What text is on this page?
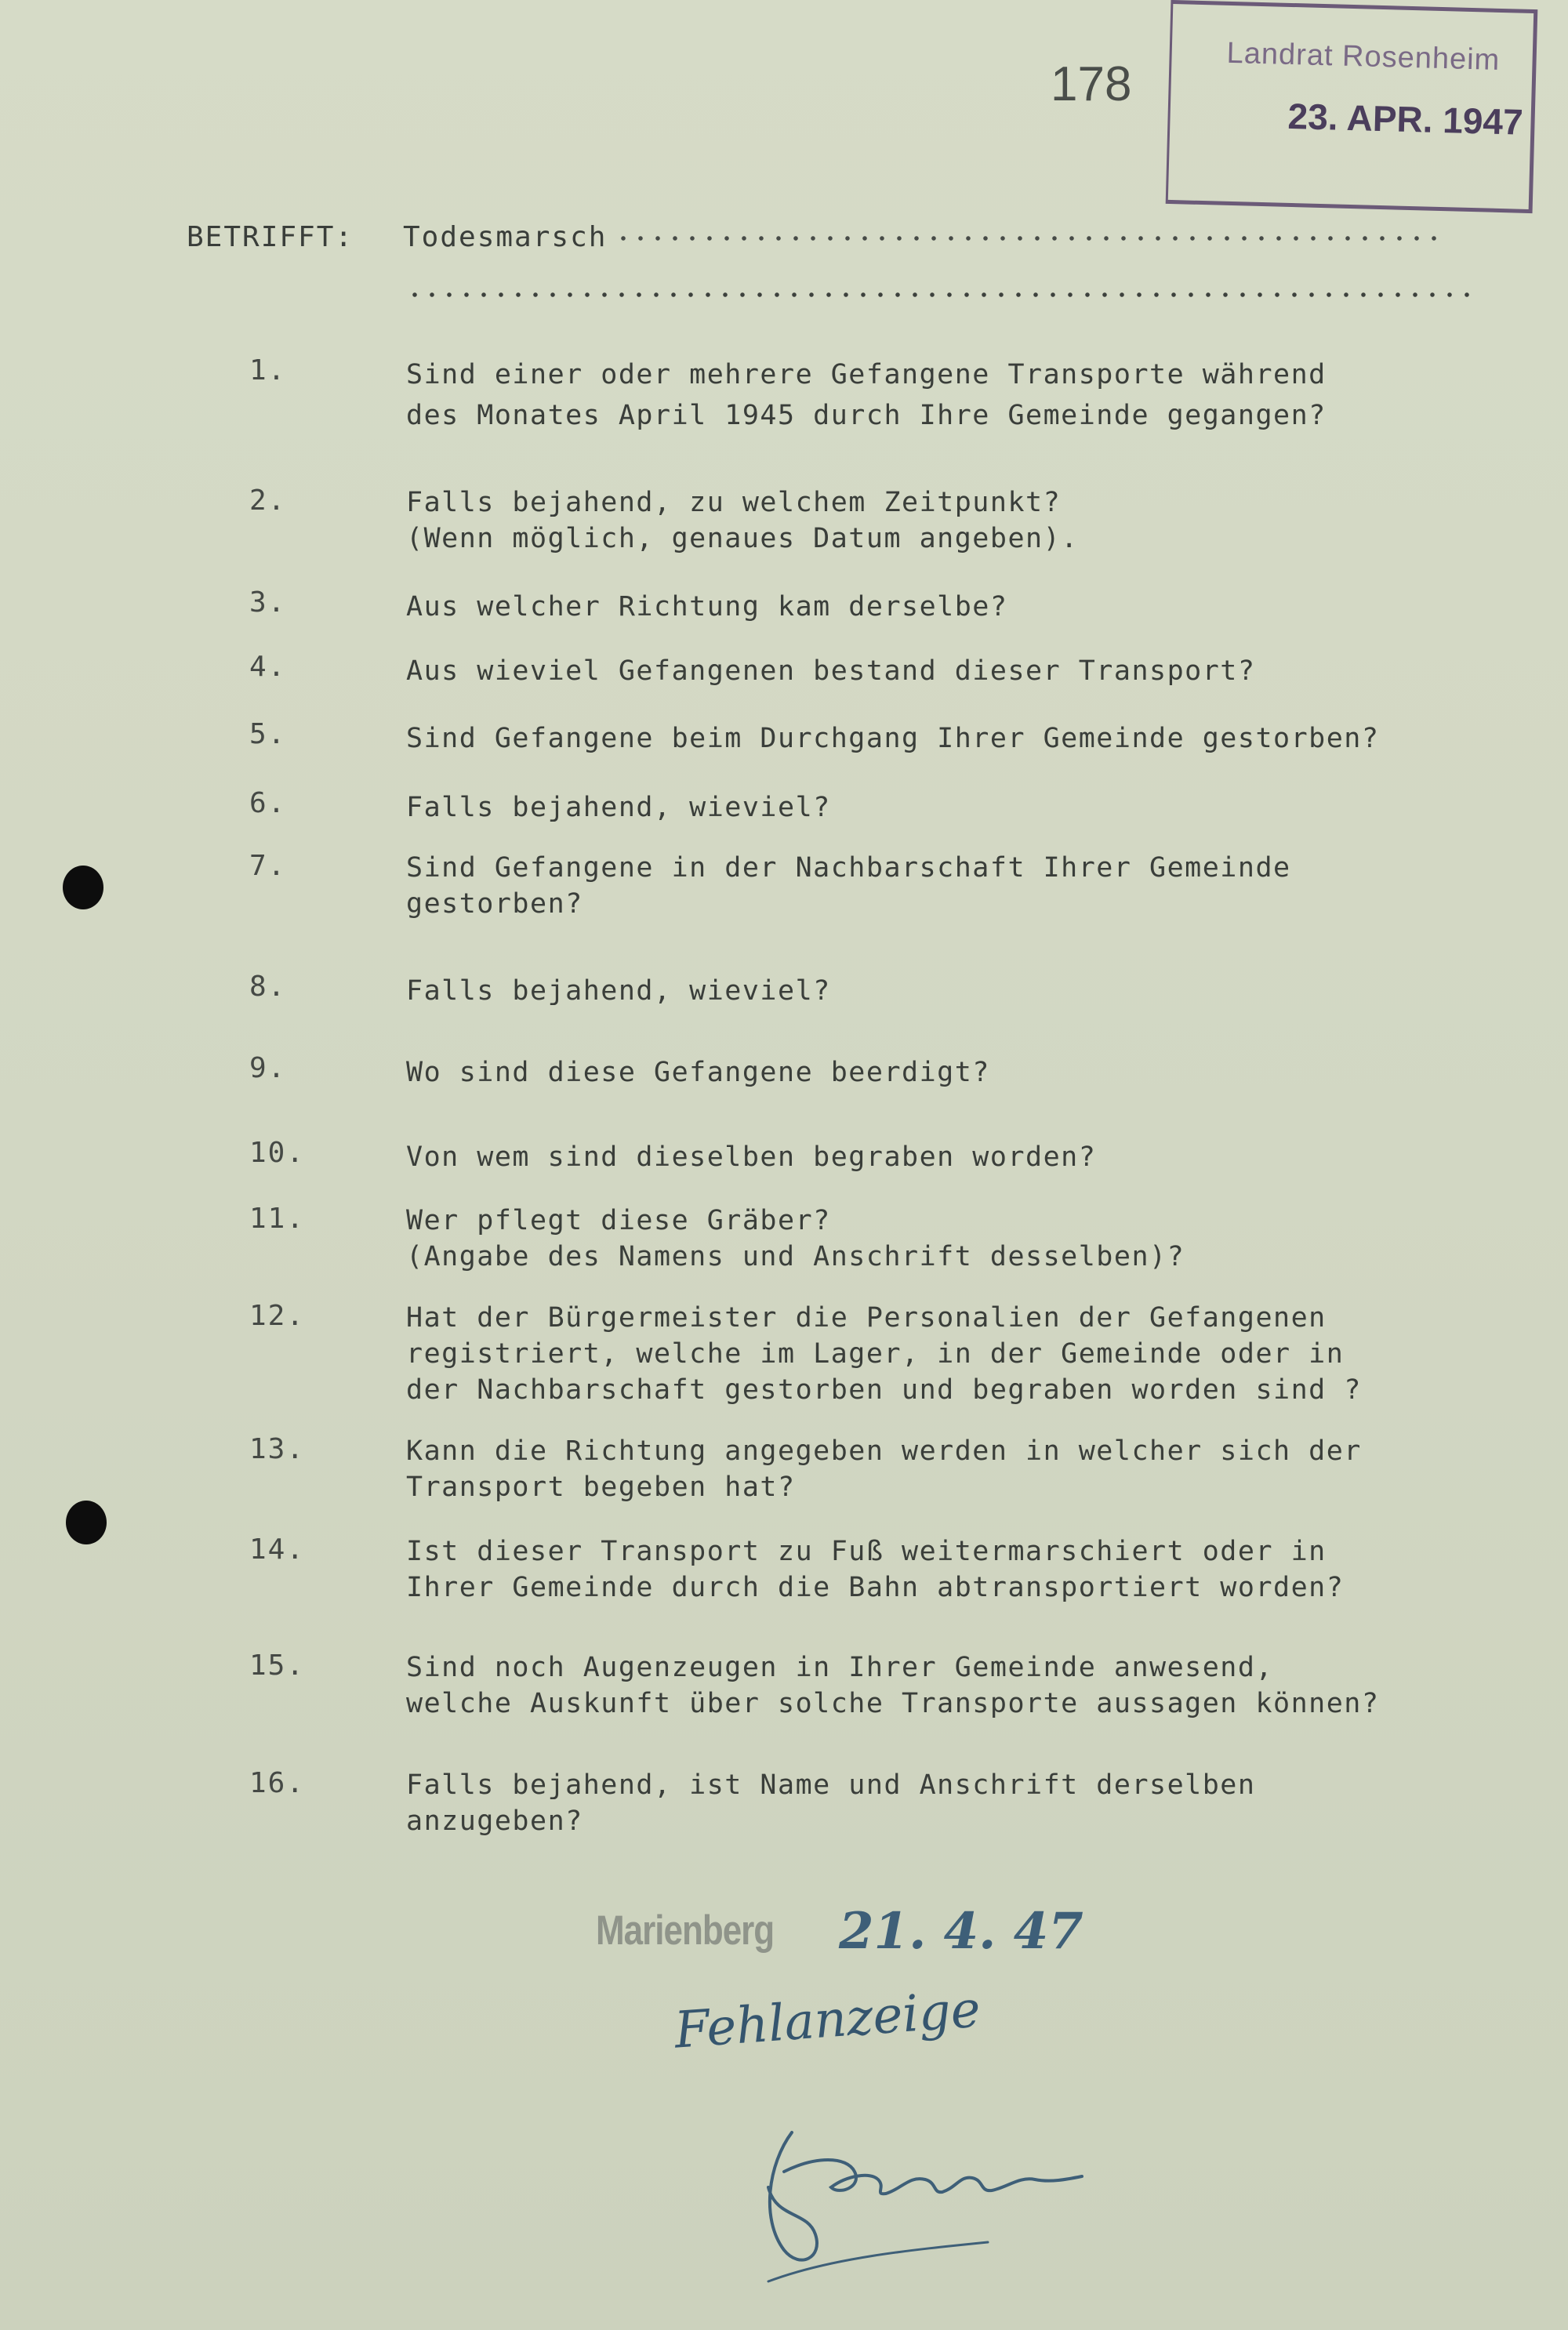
178
Landrat Rosenheim
23. APR. 1947
BETRIFFT: Todesmarsch
1.	Sind einer oder mehrere Gefangene Transporte während
des Monates April 1945 durch Ihre Gemeinde gegangen?
2.	Falls bejahend, zu welchem Zeitpunkt?
(Wenn möglich, genaues Datum angeben).
3.	Aus welcher Richtung kam derselbe?
4.	Aus wieviel Gefangenen bestand dieser Transport?
5.	Sind Gefangene beim Durchgang Ihrer Gemeinde gestorben?
6.	Falls bejahend, wieviel?
7.	Sind Gefangene in der Nachbarschaft Ihrer Gemeinde
gestorben?
8.	Falls bejahend, wieviel?
9.	Wo sind diese Gefangene beerdigt?
10.	Von wem sind dieselben begraben worden?
11.	Wer pflegt diese Gräber?
(Angabe des Namens und Anschrift desselben)?
12.	Hat der Bürgermeister die Personalien der Gefangenen
registriert, welche im Lager, in der Gemeinde oder in
der Nachbarschaft gestorben und begraben worden sind ?
13.	Kann die Richtung angegeben werden in welcher sich der
Transport begeben hat?
14.	Ist dieser Transport zu Fuß weitermarschiert oder in
Ihrer Gemeinde durch die Bahn abtransportiert worden?
15.	Sind noch Augenzeugen in Ihrer Gemeinde anwesend,
welche Auskunft über solche Transporte aussagen können?
16.	Falls bejahend, ist Name und Anschrift derselben
anzugeben?
Marienberg 21. 4. 47
Fehlanzeige
